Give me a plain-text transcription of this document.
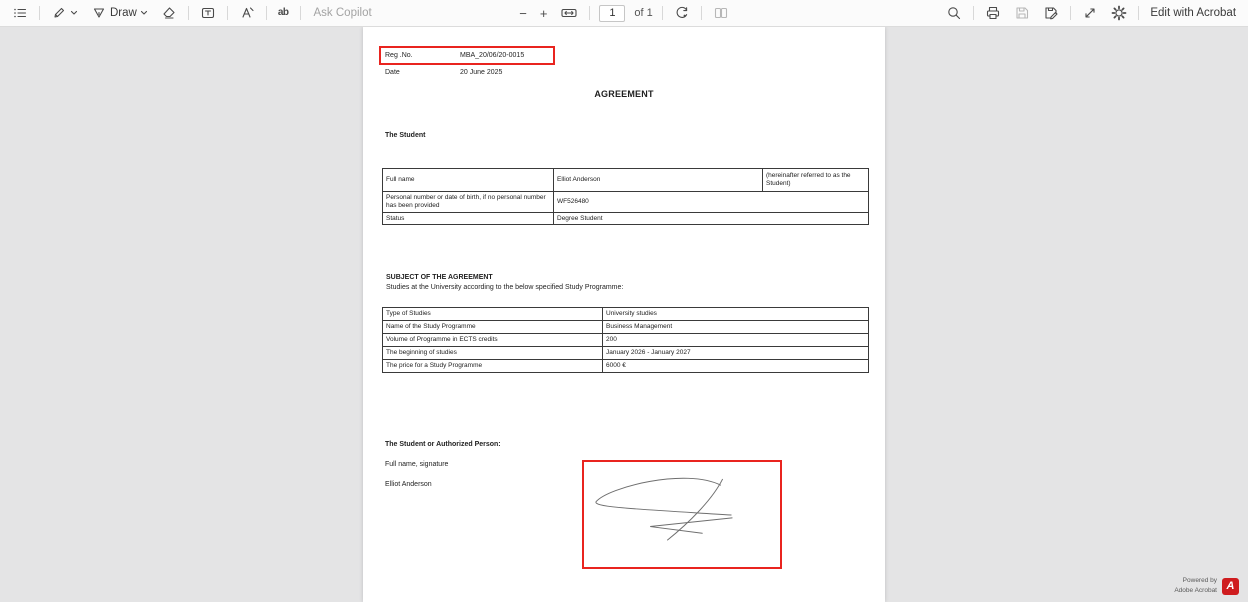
Draw	ab Ask Copilot	− +
1	of 1	Edit with Acrobat
Reg .No.	MBA_20/06/20-0015
Date	20 June 2025
AGREEMENT
The Student
Full name	Elliot Anderson	(hereinafter referred to as the Student)
Personal number or date of birth, if no personal number has been provided	WF526480	
Status	Degree Student	
SUBJECT OF THE AGREEMENT
Studies at the University according to the below specified Study Programme:
Type of Studies	University studies
Name of the Study Programme	Business Management
Volume of Programme in ECTS credits	200
The beginning of studies	January 2026 - January 2027
The price for a Study Programme	6000 €
The Student or Authorized Person:
Full name, signature
Elliot Anderson
Powered by
Adobe Acrobat A
